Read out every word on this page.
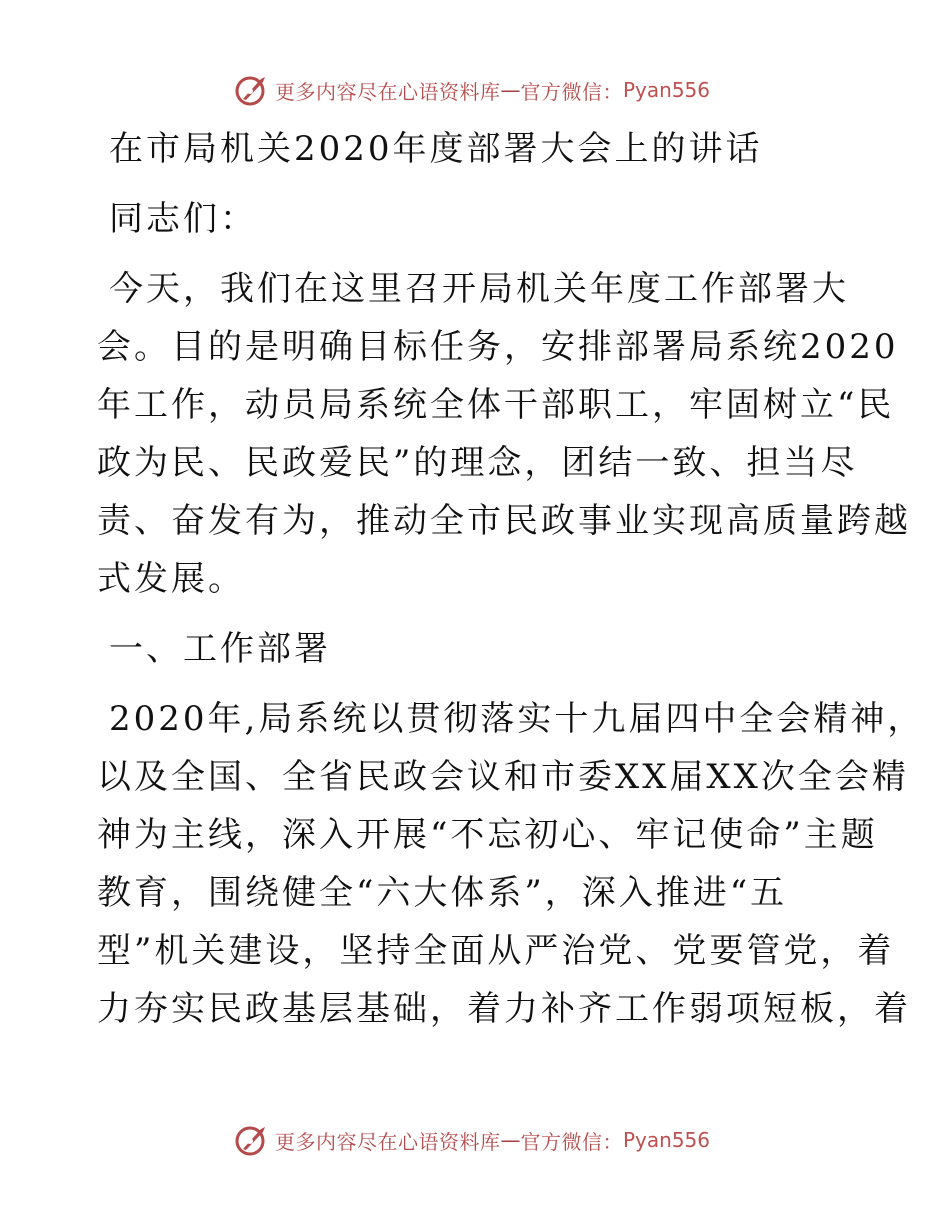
更多内容尽在心语资料库 — 官方微信： Pyan556
在市局机关2020年度部署大会上的讲话
同志们：
今天，我们在这里召开局机关年度工作部署大
会。目的是明确目标任务，安排部署局系统2020
年工作，动员局系统全体干部职工，牢固树立“民
政为民、民政爱民”的理念，团结一致、担当尽
责、奋发有为，推动全市民政事业实现高质量跨越
式发展。
一、工作部署
2020年,局系统以贯彻落实十九届四中全会精神，
以及全国、全省民政会议和市委XX届XX次全会精
神为主线，深入开展“不忘初心、牢记使命”主题
教育，围绕健全“六大体系”，深入推进“五
型”机关建设，坚持全面从严治党、党要管党，着
力夯实民政基层基础，着力补齐工作弱项短板，着
更多内容尽在心语资料库 — 官方微信： Pyan556
